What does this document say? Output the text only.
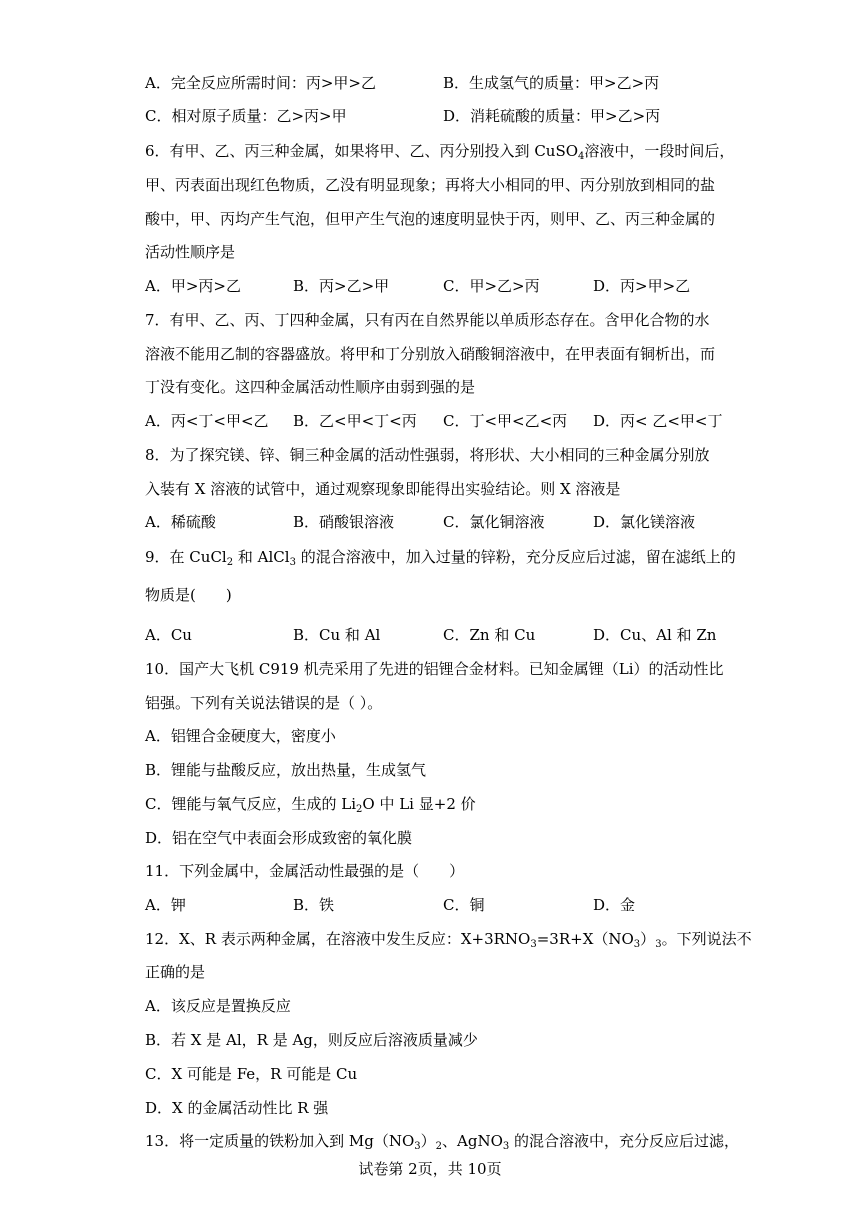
A．完全反应所需时间：丙>甲>乙	B．生成氢气的质量：甲>乙>丙
C．相对原子质量：乙>丙>甲	D．消耗硫酸的质量：甲>乙>丙
6．有甲、乙、丙三种金属，如果将甲、乙、丙分别投入到 CuSO$_4$溶液中，一段时间后，
甲、丙表面出现红色物质，乙没有明显现象；再将大小相同的甲、丙分别放到相同的盐
酸中，甲、丙均产生气泡，但甲产生气泡的速度明显快于丙，则甲、乙、丙三种金属的
活动性顺序是
A．甲>丙>乙	B．丙>乙>甲	C．甲>乙>丙	D．丙>甲>乙
7．有甲、乙、丙、丁四种金属，只有丙在自然界能以单质形态存在。含甲化合物的水
溶液不能用乙制的容器盛放。将甲和丁分别放入硝酸铜溶液中，在甲表面有铜析出，而
丁没有变化。这四种金属活动性顺序由弱到强的是
A．丙<丁<甲<乙 B．乙<甲<丁<丙 C．丁<甲<乙<丙 D．丙< 乙<甲<丁
8．为了探究镁、锌、铜三种金属的活动性强弱，将形状、大小相同的三种金属分别放
入装有 X 溶液的试管中，通过观察现象即能得出实验结论。则 X 溶液是
A．稀硫酸	B．硝酸银溶液	C．氯化铜溶液	D．氯化镁溶液
9．在 CuCl$_2$ 和 AlCl$_3$ 的混合溶液中，加入过量的锌粉，充分反应后过滤，留在滤纸上的
物质是(　　)
A．Cu	B．Cu 和 Al	C．Zn 和 Cu	D．Cu、Al 和 Zn
10．国产大飞机 C919 机壳采用了先进的铝锂合金材料。已知金属锂（Li）的活动性比
铝强。下列有关说法错误的是（ ）。
A．铝锂合金硬度大，密度小
B．锂能与盐酸反应，放出热量，生成氢气
C．锂能与氧气反应，生成的 $Li_2O$ 中 Li 显+2 价
D．铝在空气中表面会形成致密的氧化膜
11．下列金属中，金属活动性最强的是（　　）
A．钾	B．铁	C．铜	D．金
12．X、R 表示两种金属，在溶液中发生反应：$X+3RNO_3=3R+X(NO_3)_3$。下列说法不
正确的是
A．该反应是置换反应
B．若 X 是 Al，R 是 Ag，则反应后溶液质量减少
C．X 可能是 Fe，R 可能是 Cu
D．X 的金属活动性比 R 强
13．将一定质量的铁粉加入到 $Mg(NO_3)_2$、AgNO$_3$ 的混合溶液中，充分反应后过滤，
试卷第 2页，共 10页
